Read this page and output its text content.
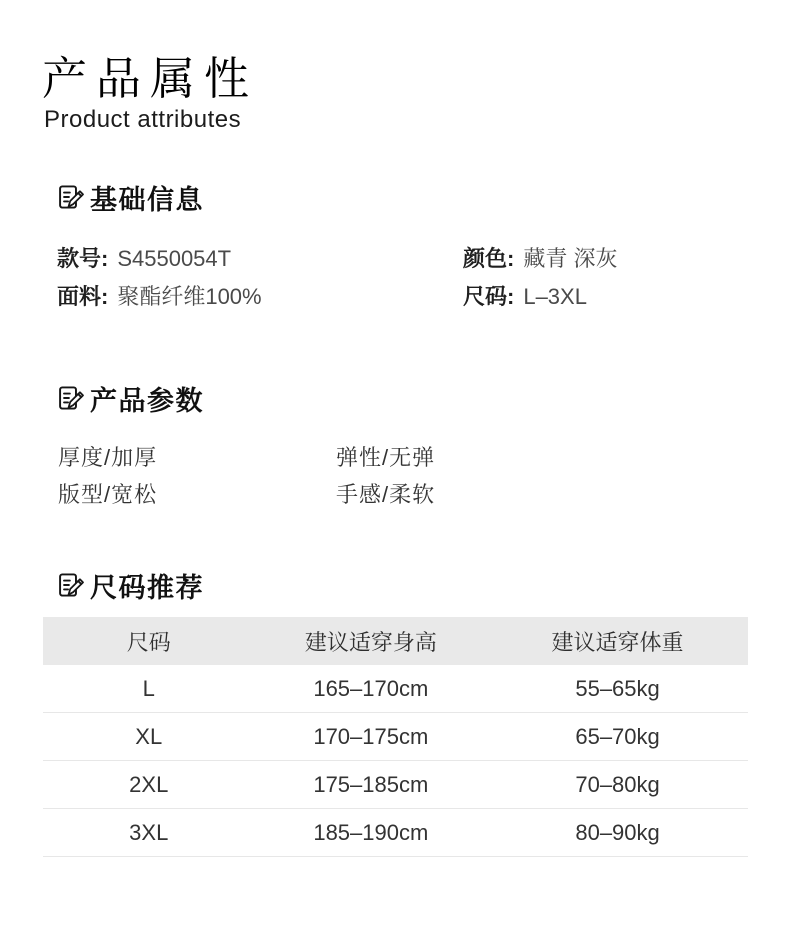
产品属性
Product attributes
基础信息
款号: S4550054T	颜色: 藏青 深灰
面料: 聚酯纤维100%	尺码: L–3XL
产品参数
厚度/加厚	弹性/无弹
版型/宽松	手感/柔软
尺码推荐
尺码	建议适穿身高	建议适穿体重
L	165–170cm	55–65kg
XL	170–175cm	65–70kg
2XL	175–185cm	70–80kg
3XL	185–190cm	80–90kg
